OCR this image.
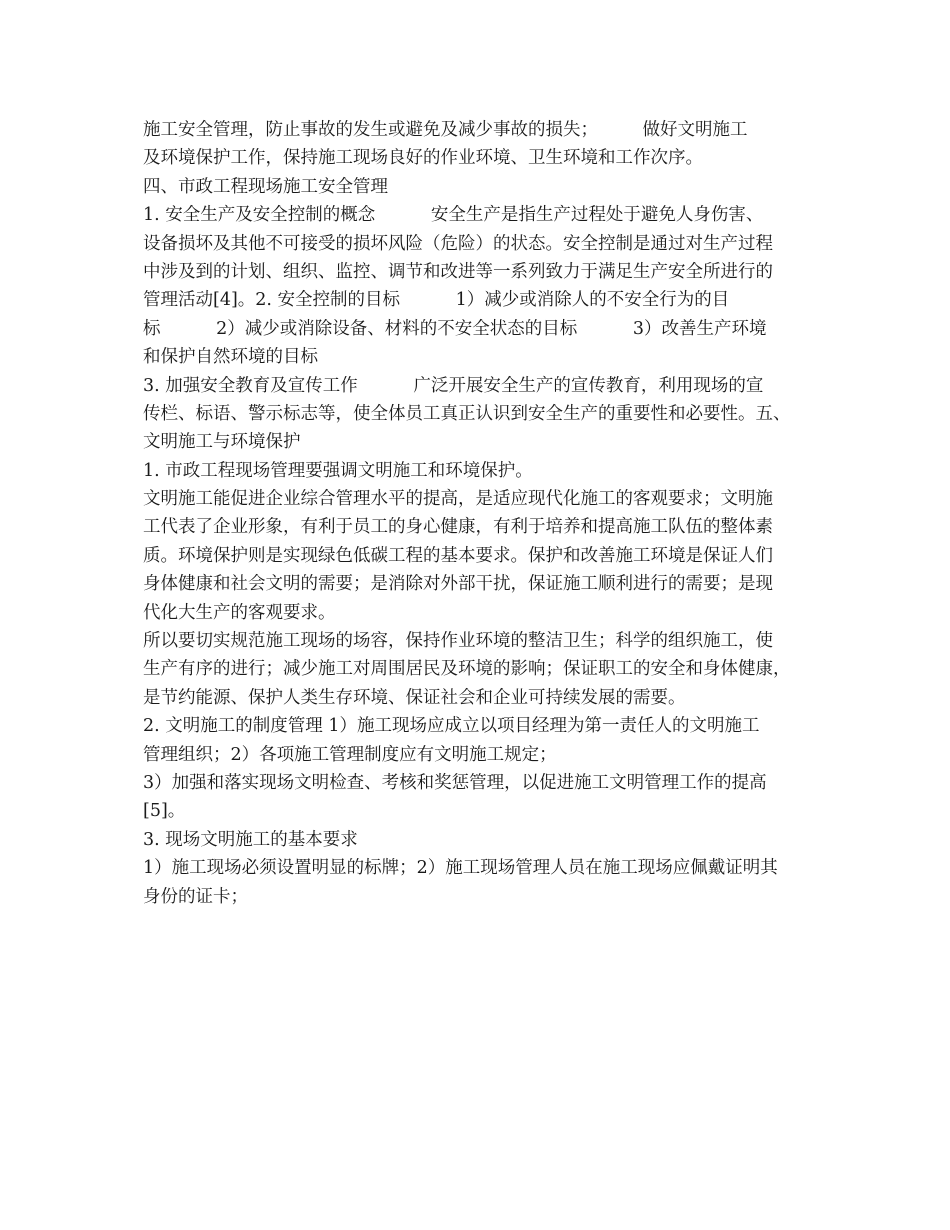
施工安全管理，防止事故的发生或避免及减少事故的损失；        做好文明施工
及环境保护工作，保持施工现场良好的作业环境、卫生环境和工作次序。
四、市政工程现场施工安全管理
1. 安全生产及安全控制的概念          安全生产是指生产过程处于避免人身伤害、
设备损坏及其他不可接受的损坏风险（危险）的状态。安全控制是通过对生产过程
中涉及到的计划、组织、监控、调节和改进等一系列致力于满足生产安全所进行的
管理活动[4]。2. 安全控制的目标          1）减少或消除人的不安全行为的目
标          2）减少或消除设备、材料的不安全状态的目标          3）改善生产环境
和保护自然环境的目标
3. 加强安全教育及宣传工作          广泛开展安全生产的宣传教育，利用现场的宣
传栏、标语、警示标志等，使全体员工真正认识到安全生产的重要性和必要性。五、
文明施工与环境保护
1. 市政工程现场管理要强调文明施工和环境保护。
文明施工能促进企业综合管理水平的提高，是适应现代化施工的客观要求；文明施
工代表了企业形象，有利于员工的身心健康，有利于培养和提高施工队伍的整体素
质。环境保护则是实现绿色低碳工程的基本要求。保护和改善施工环境是保证人们
身体健康和社会文明的需要；是消除对外部干扰，保证施工顺利进行的需要；是现
代化大生产的客观要求。
所以要切实规范施工现场的场容，保持作业环境的整洁卫生；科学的组织施工，使
生产有序的进行；减少施工对周围居民及环境的影响；保证职工的安全和身体健康，
是节约能源、保护人类生存环境、保证社会和企业可持续发展的需要。
2. 文明施工的制度管理 1）施工现场应成立以项目经理为第一责任人的文明施工
管理组织；2）各项施工管理制度应有文明施工规定；
3）加强和落实现场文明检查、考核和奖惩管理，以促进施工文明管理工作的提高
[5]。
3. 现场文明施工的基本要求
1）施工现场必须设置明显的标牌；2）施工现场管理人员在施工现场应佩戴证明其
身份的证卡；
